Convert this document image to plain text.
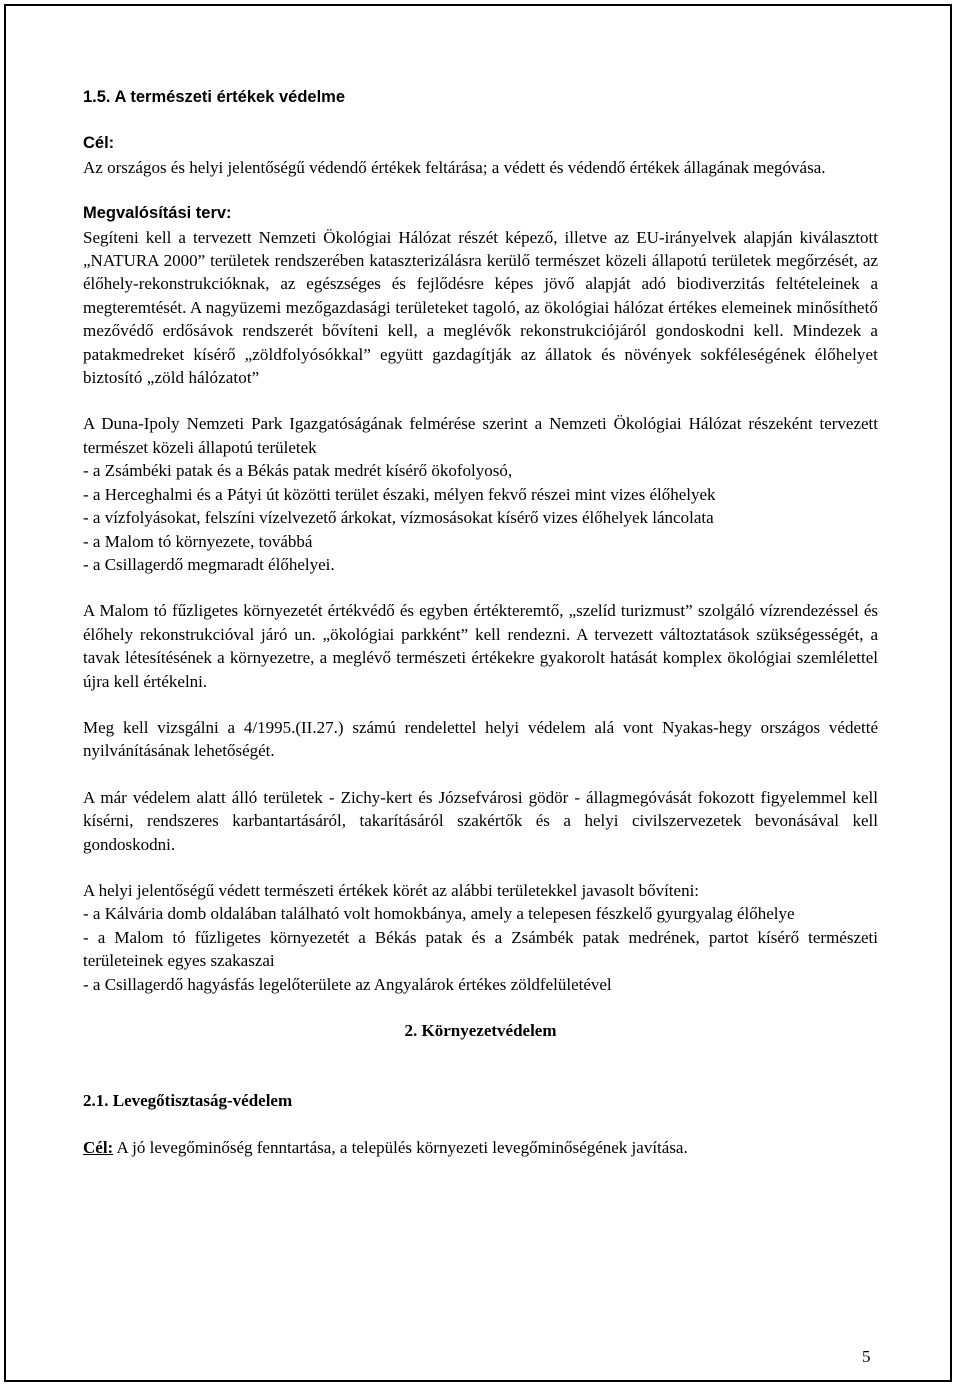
1.5. A természeti értékek védelme

Cél:

Az országos és helyi jelentőségű védendő értékek feltárása; a védett és védendő értékek állagának megóvása.

Megvalósítási terv:

Segíteni kell a tervezett Nemzeti Ökológiai Hálózat részét képező, illetve az EU-irányelvek alapján kiválasztott „NATURA 2000” területek rendszerében kataszterizálásra kerülő természet közeli állapotú területek megőrzését, az élőhely-rekonstrukcióknak, az egészséges és fejlődésre képes jövő alapját adó biodiverzitás feltételeinek a megteremtését. A nagyüzemi mezőgazdasági területeket tagoló, az ökológiai hálózat értékes elemeinek minősíthető mezővédő erdősávok rendszerét bővíteni kell, a meglévők rekonstrukciójáról gondoskodni kell. Mindezek a patakmedreket kísérő „zöldfolyósókkal” együtt gazdagítják az állatok és növények sokféleségének élőhelyet biztosító „zöld hálózatot”

A Duna-Ipoly Nemzeti Park Igazgatóságának felmérése szerint a Nemzeti Ökológiai Hálózat részeként tervezett természet közeli állapotú területek

- a Zsámbéki patak és a Békás patak medrét kísérő ökofolyosó,

- a Herceghalmi és a Pátyi út közötti terület északi, mélyen fekvő részei mint vizes élőhelyek

- a vízfolyásokat, felszíni vízelvezető árkokat, vízmosásokat kísérő vizes élőhelyek láncolata

- a Malom tó környezete, továbbá

- a Csillagerdő megmaradt élőhelyei.

A Malom tó fűzligetes környezetét értékvédő és egyben értékteremtő, „szelíd turizmust” szolgáló vízrendezéssel és élőhely rekonstrukcióval járó un. „ökológiai parkként” kell rendezni. A tervezett változtatások szükségességét, a tavak létesítésének a környezetre, a meglévő természeti értékekre gyakorolt hatását komplex ökológiai szemlélettel újra kell értékelni.

Meg kell vizsgálni a 4/1995.(II.27.) számú rendelettel helyi védelem alá vont Nyakas-hegy országos védetté nyilvánításának lehetőségét.

A már védelem alatt álló területek - Zichy-kert és Józsefvárosi gödör - állagmegóvását fokozott figyelemmel kell kísérni, rendszeres karbantartásáról, takarításáról szakértők és a helyi civilszervezetek bevonásával kell gondoskodni.

A helyi jelentőségű védett természeti értékek körét az alábbi területekkel javasolt bővíteni:

- a Kálvária domb oldalában található volt homokbánya, amely a telepesen fészkelő gyurgyalag élőhelye

- a Malom tó fűzligetes környezetét a Békás patak és a Zsámbék patak medrének, partot kísérő természeti területeinek egyes szakaszai

- a Csillagerdő hagyásfás legelőterülete az Angyalárok értékes zöldfelületével

2. Környezetvédelem

2.1. Levegőtisztaság-védelem

Cél: A jó levegőminőség fenntartása, a település környezeti levegőminőségének javítása.

5
